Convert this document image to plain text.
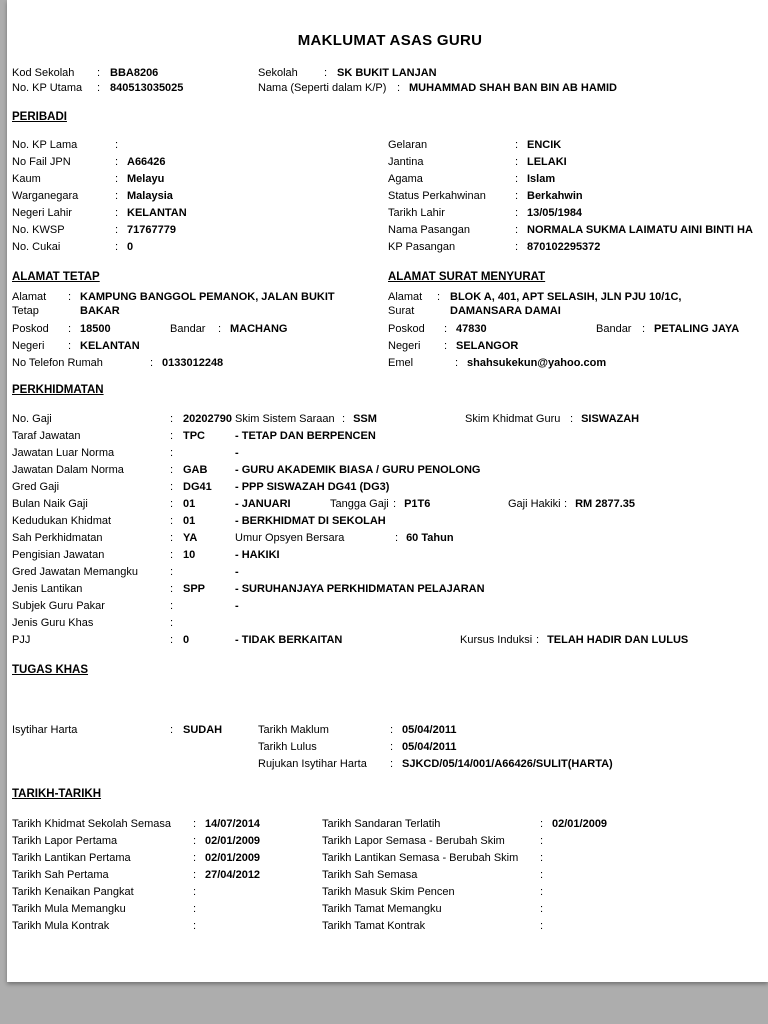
MAKLUMAT ASAS GURU
Kod Sekolah :	BBA8206	Sekolah :	SK BUKIT LANJAN
No. KP Utama :	840513035025	Nama (Seperti dalam K/P) : MUHAMMAD SHAH BAN BIN AB HAMID
PERIBADI
No. KP Lama :	Gelaran :	ENCIK
No Fail JPN :	A66426	Jantina :	LELAKI
Kaum :	Melayu	Agama :	Islam
Warganegara :	Malaysia	Status Perkahwinan :	Berkahwin
Negeri Lahir :	KELANTAN	Tarikh Lahir :	13/05/1984
No. KWSP :	71767779	Nama Pasangan :	NORMALA SUKMA LAIMATU AINI BINTI HA
No. Cukai :	0	KP Pasangan :	870102295372
ALAMAT TETAP	ALAMAT SURAT MENYURAT
Alamat Tetap
:
KAMPUNG BANGGOL PEMANOK, JALAN BUKIT BAKAR
Alamat Surat
:
BLOK A, 401, APT SELASIH, JLN PJU 10/1C, DAMANSARA DAMAI
Poskod :	18500	Bandar : MACHANG	Poskod :	47830	Bandar : PETALING JAYA
Negeri :	KELANTAN	Negeri :	SELANGOR
No Telefon Rumah :	0133012248	Emel :	shahsukekun@yahoo.com
PERKHIDMATAN
No. Gaji :	20202790 Skim Sistem Saraan :	SSM	Skim Khidmat Guru :	SISWAZAH
Taraf Jawatan :	TPC	- TETAP DAN BERPENCEN
Jawatan Luar Norma :	-
Jawatan Dalam Norma :	GAB	- GURU AKADEMIK BIASA / GURU PENOLONG
Gred Gaji :	DG41 - PPP SISWAZAH DG41 (DG3)
Bulan Naik Gaji :	01	- JANUARI	Tangga Gaji :	P1T6	Gaji Hakiki :	RM 2877.35
Kedudukan Khidmat :	01	- BERKHIDMAT DI SEKOLAH
Sah Perkhidmatan :	YA	Umur Opsyen Bersara :	60 Tahun
Pengisian Jawatan :	10	- HAKIKI
Gred Jawatan Memangku :	-
Jenis Lantikan :	SPP	- SURUHANJAYA PERKHIDMATAN PELAJARAN
Subjek Guru Pakar :	-
Jenis Guru Khas
:
PJJ :	0	- TIDAK BERKAITAN	Kursus Induksi :	TELAH HADIR DAN LULUS
TUGAS KHAS
Isytihar Harta :	SUDAH	Tarikh Maklum :	05/04/2011
Tarikh Lulus :	05/04/2011
Rujukan Isytihar Harta :	SJKCD/05/14/001/A66426/SULIT(HARTA)
TARIKH-TARIKH
Tarikh Khidmat Sekolah Semasa :	14/07/2014	Tarikh Sandaran Terlatih :	02/01/2009
Tarikh Lapor Pertama :	02/01/2009	Tarikh Lapor Semasa - Berubah Skim
:
Tarikh Lantikan Pertama :	02/01/2009	Tarikh Lantikan Semasa - Berubah Skim
:
Tarikh Sah Pertama :	27/04/2012	Tarikh Sah Semasa
:
Tarikh Kenaikan Pangkat :	Tarikh Masuk Skim Pencen
:
Tarikh Mula Memangku :	Tarikh Tamat Memangku
:
Tarikh Mula Kontrak :	Tarikh Tamat Kontrak
:
